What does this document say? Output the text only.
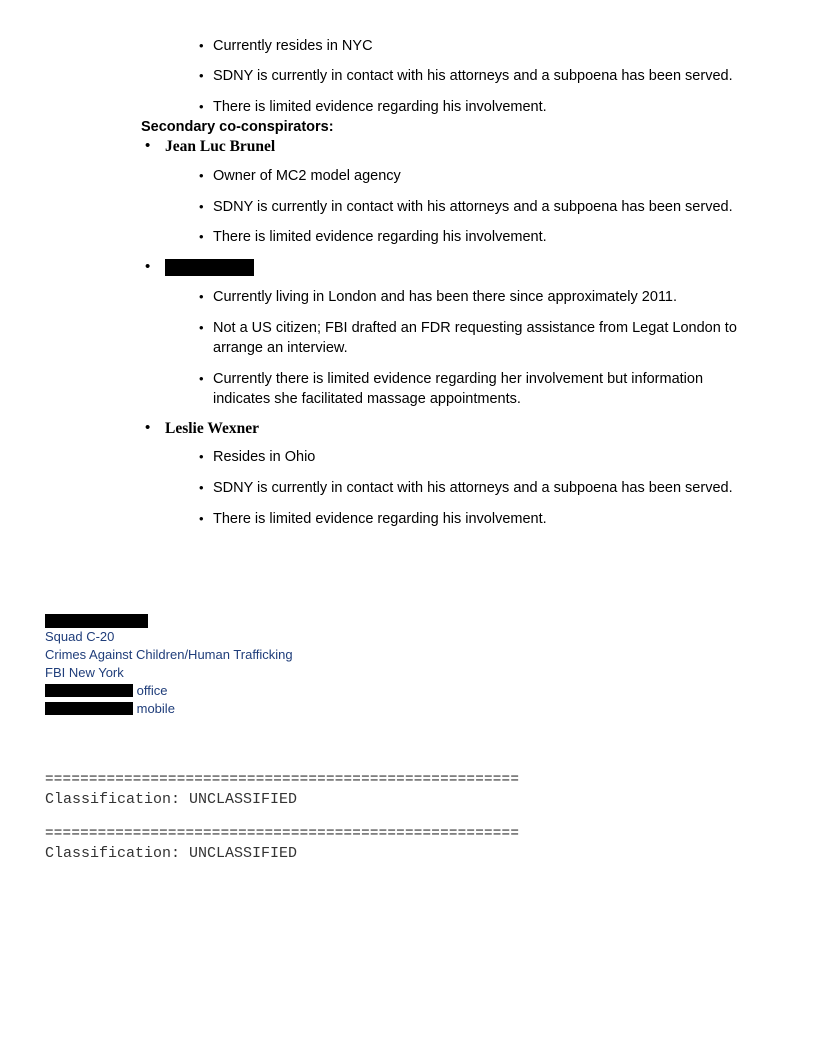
• Currently resides in NYC
• SDNY is currently in contact with his attorneys and a subpoena has been served.
• There is limited evidence regarding his involvement.
Secondary co-conspirators:
• Jean Luc Brunel
• Owner of MC2 model agency
• SDNY is currently in contact with his attorneys and a subpoena has been served.
• There is limited evidence regarding his involvement.
•
• Currently living in London and has been there since approximately 2011.
• Not a US citizen; FBI drafted an FDR requesting assistance from Legat London to arrange an interview.
• Currently there is limited evidence regarding her involvement but information indicates she facilitated massage appointments.
• Leslie Wexner
• Resides in Ohio
• SDNY is currently in contact with his attorneys and a subpoena has been served.
• There is limited evidence regarding his involvement.
Squad C-20
Crimes Against Children/Human Trafficking
FBI New York
office
mobile
======================================================
Classification: UNCLASSIFIED
======================================================
Classification: UNCLASSIFIED
